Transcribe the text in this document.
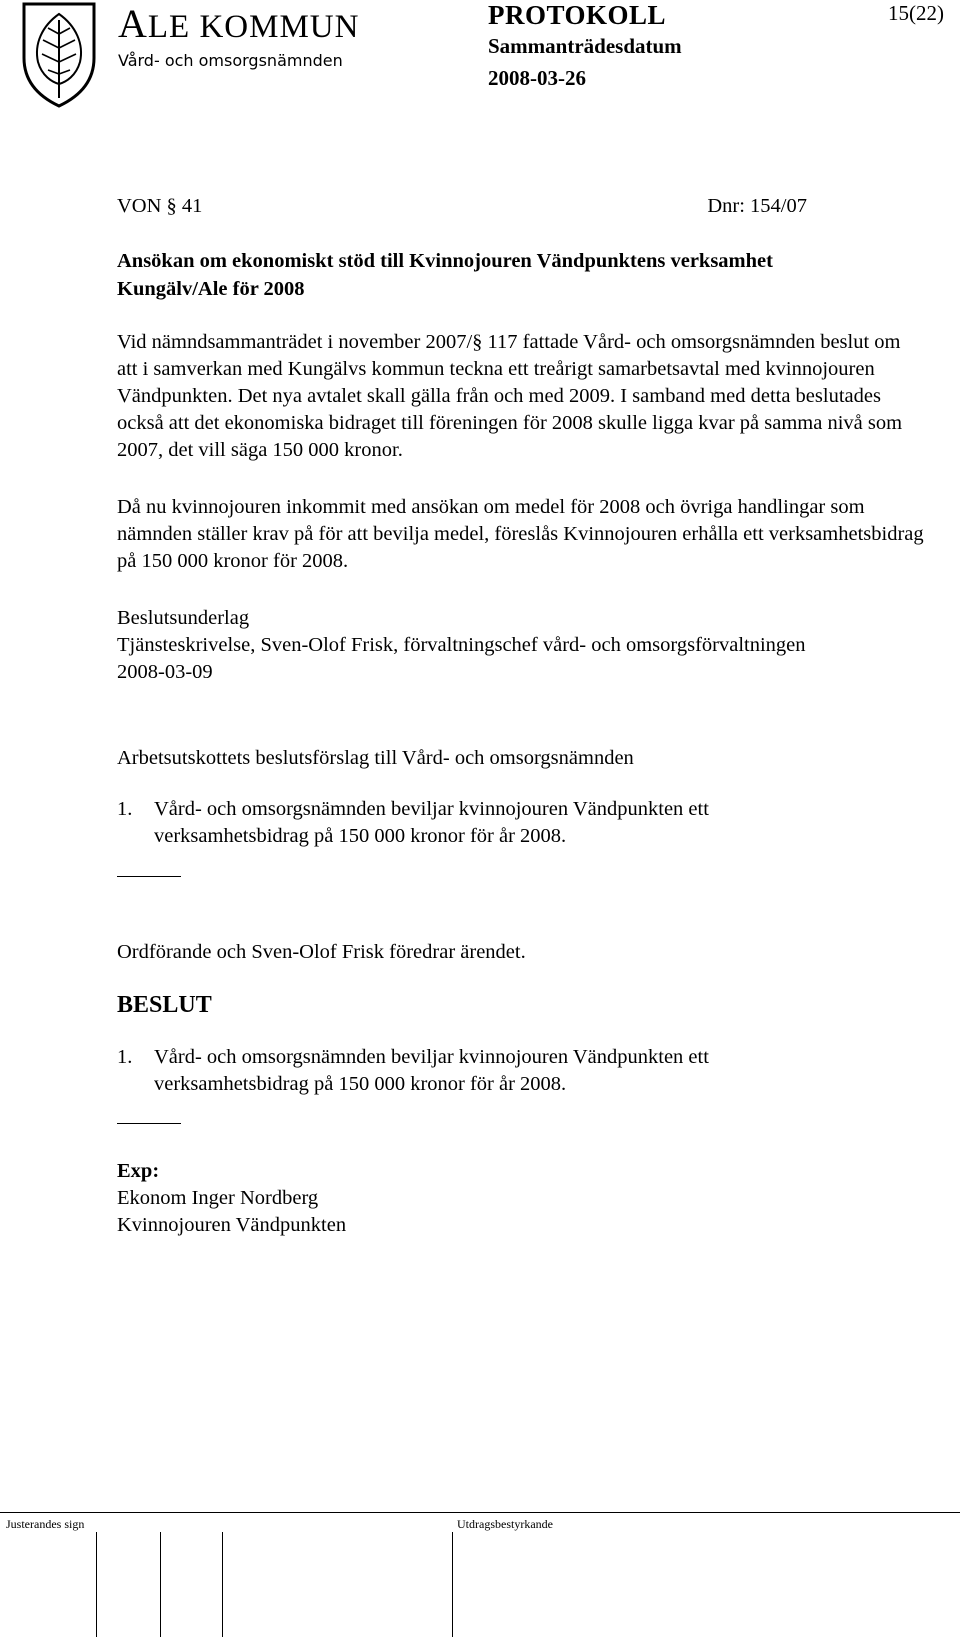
ALE KOMMUN
Vård- och omsorgsnämnden
PROTOKOLL
Sammanträdesdatum
2008-03-26
15(22)
VON § 41	Dnr: 154/07
Ansökan om ekonomiskt stöd till Kvinnojouren Vändpunktens verksamhet
Kungälv/Ale för 2008
Vid nämndsammanträdet i november 2007/§ 117 fattade Vård- och omsorgsnämnden beslut om att i samverkan med Kungälvs kommun teckna ett treårigt samarbetsavtal med kvinnojouren Vändpunkten. Det nya avtalet skall gälla från och med 2009. I samband med detta beslutades också att det ekonomiska bidraget till föreningen för 2008 skulle ligga kvar på samma nivå som 2007, det vill säga 150 000 kronor.
Då nu kvinnojouren inkommit med ansökan om medel för 2008 och övriga handlingar som nämnden ställer krav på för att bevilja medel, föreslås Kvinnojouren erhålla ett verksamhetsbidrag på 150 000 kronor för 2008.
Beslutsunderlag
Tjänsteskrivelse, Sven-Olof Frisk, förvaltningschef vård- och omsorgsförvaltningen
2008-03-09
Arbetsutskottets beslutsförslag till Vård- och omsorgsnämnden
1.	Vård- och omsorgsnämnden beviljar kvinnojouren Vändpunkten ett verksamhetsbidrag på 150 000 kronor för år 2008.
Ordförande och Sven-Olof Frisk föredrar ärendet.
BESLUT
1.	Vård- och omsorgsnämnden beviljar kvinnojouren Vändpunkten ett verksamhetsbidrag på 150 000 kronor för år 2008.
Exp:
Ekonom Inger Nordberg
Kvinnojouren Vändpunkten
Justerandes sign	Utdragsbestyrkande
